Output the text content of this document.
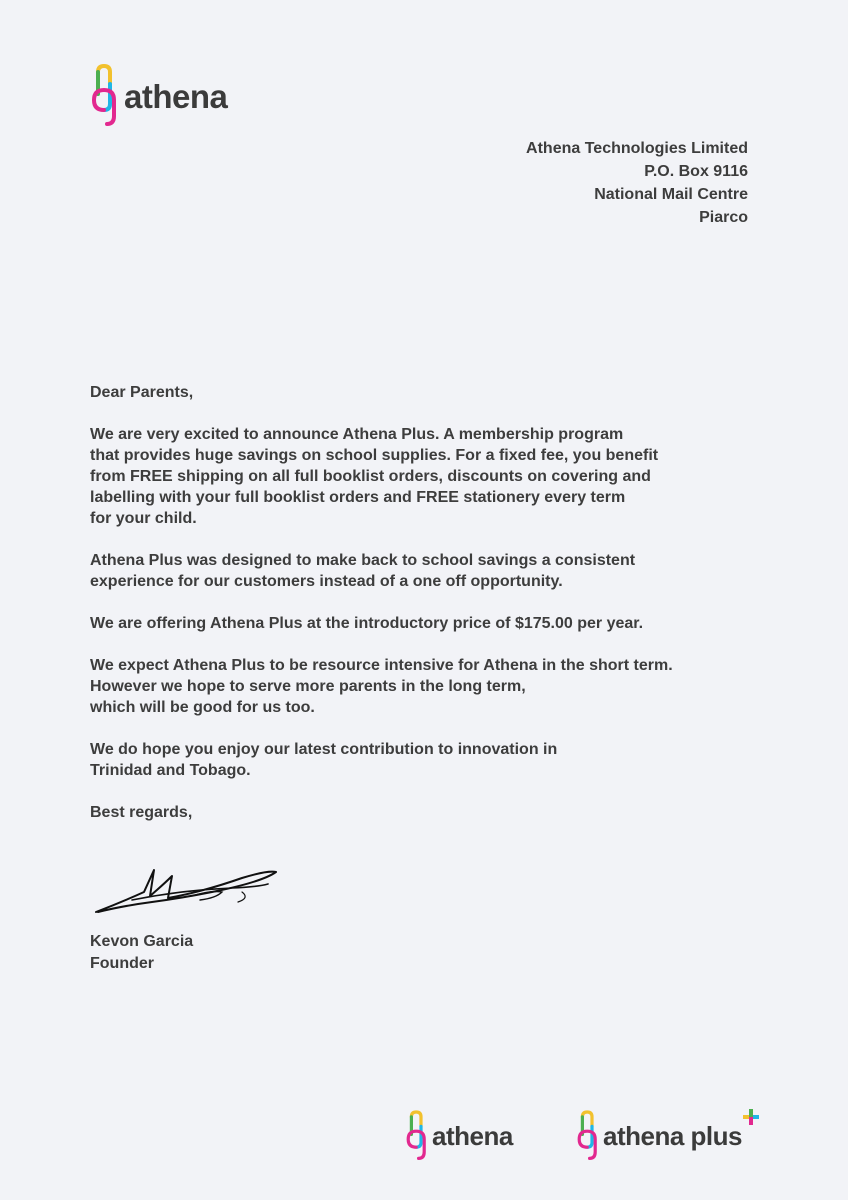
athena
Athena Technologies Limited
P.O. Box 9116
National Mail Centre
Piarco

Dear Parents,

We are very excited to announce Athena Plus. A membership program

that provides huge savings on school supplies. For a fixed fee, you benefit

from FREE shipping on all full booklist orders, discounts on covering and

labelling with your full booklist orders and FREE stationery every term

for your child.

Athena Plus was designed to make back to school savings a consistent

experience for our customers instead of a one off opportunity.

We are offering Athena Plus at the introductory price of $175.00 per year.

We expect Athena Plus to be resource intensive for Athena in the short term.

However we hope to serve more parents in the long term,

which will be good for us too.

We do hope you enjoy our latest contribution to innovation in

Trinidad and Tobago.

Best regards,

Kevon Garcia
Founder
athena	athena plus
